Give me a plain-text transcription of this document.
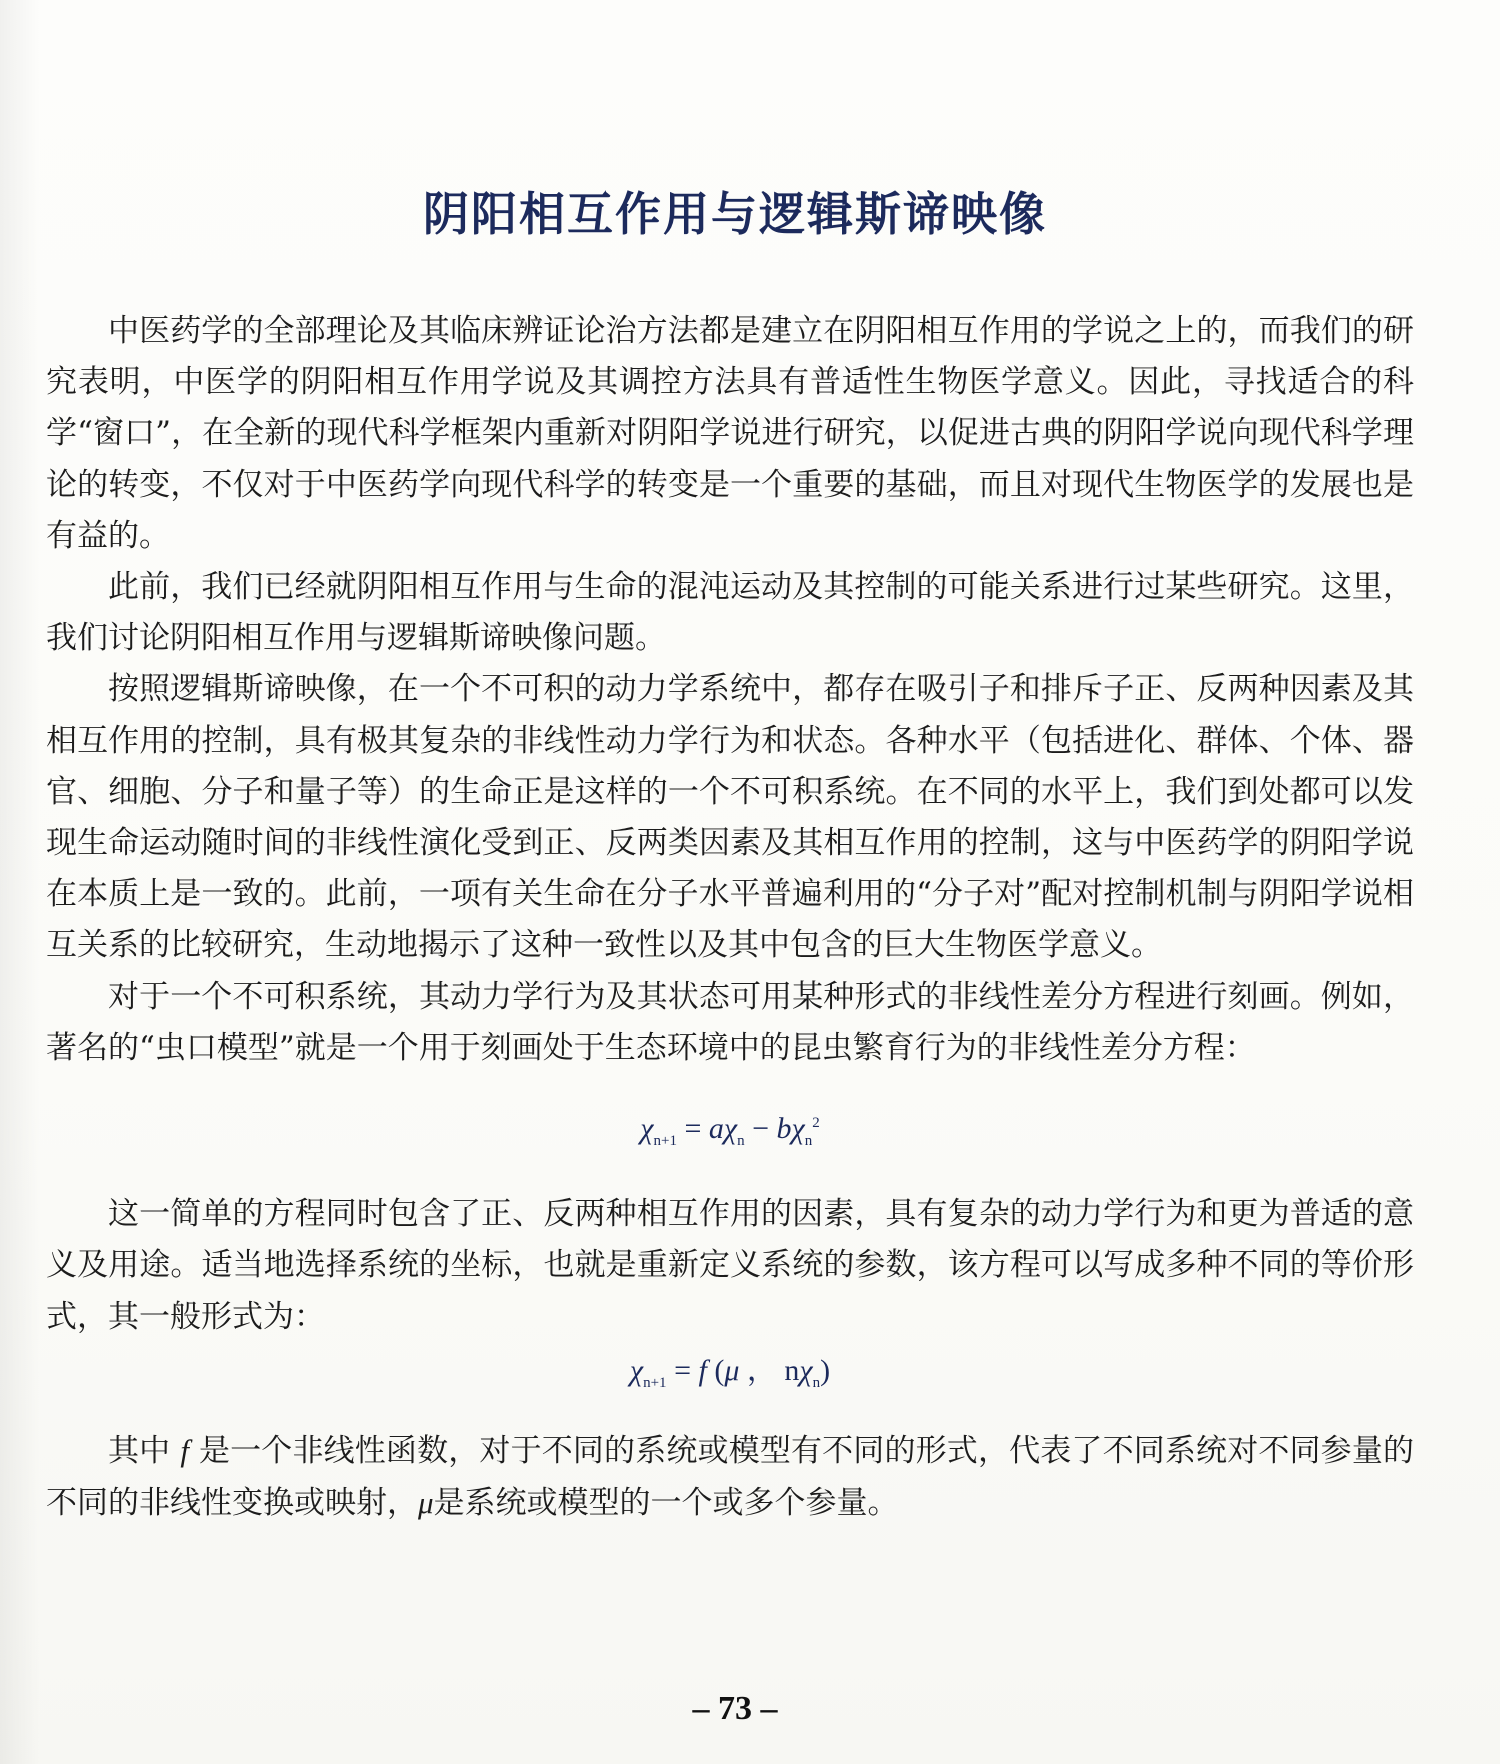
阴阳相互作用与逻辑斯谛映像

中医药学的全部理论及其临床辨证论治方法都是建立在阴阳相互作用的学说之上的，而我们的研究表明，中医学的阴阳相互作用学说及其调控方法具有普适性生物医学意义。因此，寻找适合的科学“窗口”，在全新的现代科学框架内重新对阴阳学说进行研究，以促进古典的阴阳学说向现代科学理论的转变，不仅对于中医药学向现代科学的转变是一个重要的基础，而且对现代生物医学的发展也是有益的。

此前，我们已经就阴阳相互作用与生命的混沌运动及其控制的可能关系进行过某些研究。这里，我们讨论阴阳相互作用与逻辑斯谛映像问题。

按照逻辑斯谛映像，在一个不可积的动力学系统中，都存在吸引子和排斥子正、反两种因素及其相互作用的控制，具有极其复杂的非线性动力学行为和状态。各种水平（包括进化、群体、个体、器官、细胞、分子和量子等）的生命正是这样的一个不可积系统。在不同的水平上，我们到处都可以发现生命运动随时间的非线性演化受到正、反两类因素及其相互作用的控制，这与中医药学的阴阳学说在本质上是一致的。此前，一项有关生命在分子水平普遍利用的“分子对”配对控制机制与阴阳学说相互关系的比较研究，生动地揭示了这种一致性以及其中包含的巨大生物医学意义。

对于一个不可积系统，其动力学行为及其状态可用某种形式的非线性差分方程进行刻画。例如，著名的“虫口模型”就是一个用于刻画处于生态环境中的昆虫繁育行为的非线性差分方程：

$\chi_{n+1} = a\chi_n - b\chi_n^2$

这一简单的方程同时包含了正、反两种相互作用的因素，具有复杂的动力学行为和更为普适的意义及用途。适当地选择系统的坐标，也就是重新定义系统的参数，该方程可以写成多种不同的等价形式，其一般形式为：

$\chi_{n+1} = f$ (μ ， $n\chi_n$)

其中 f 是一个非线性函数，对于不同的系统或模型有不同的形式，代表了不同系统对不同参量的不同的非线性变换或映射，μ是系统或模型的一个或多个参量。

– 73 –
